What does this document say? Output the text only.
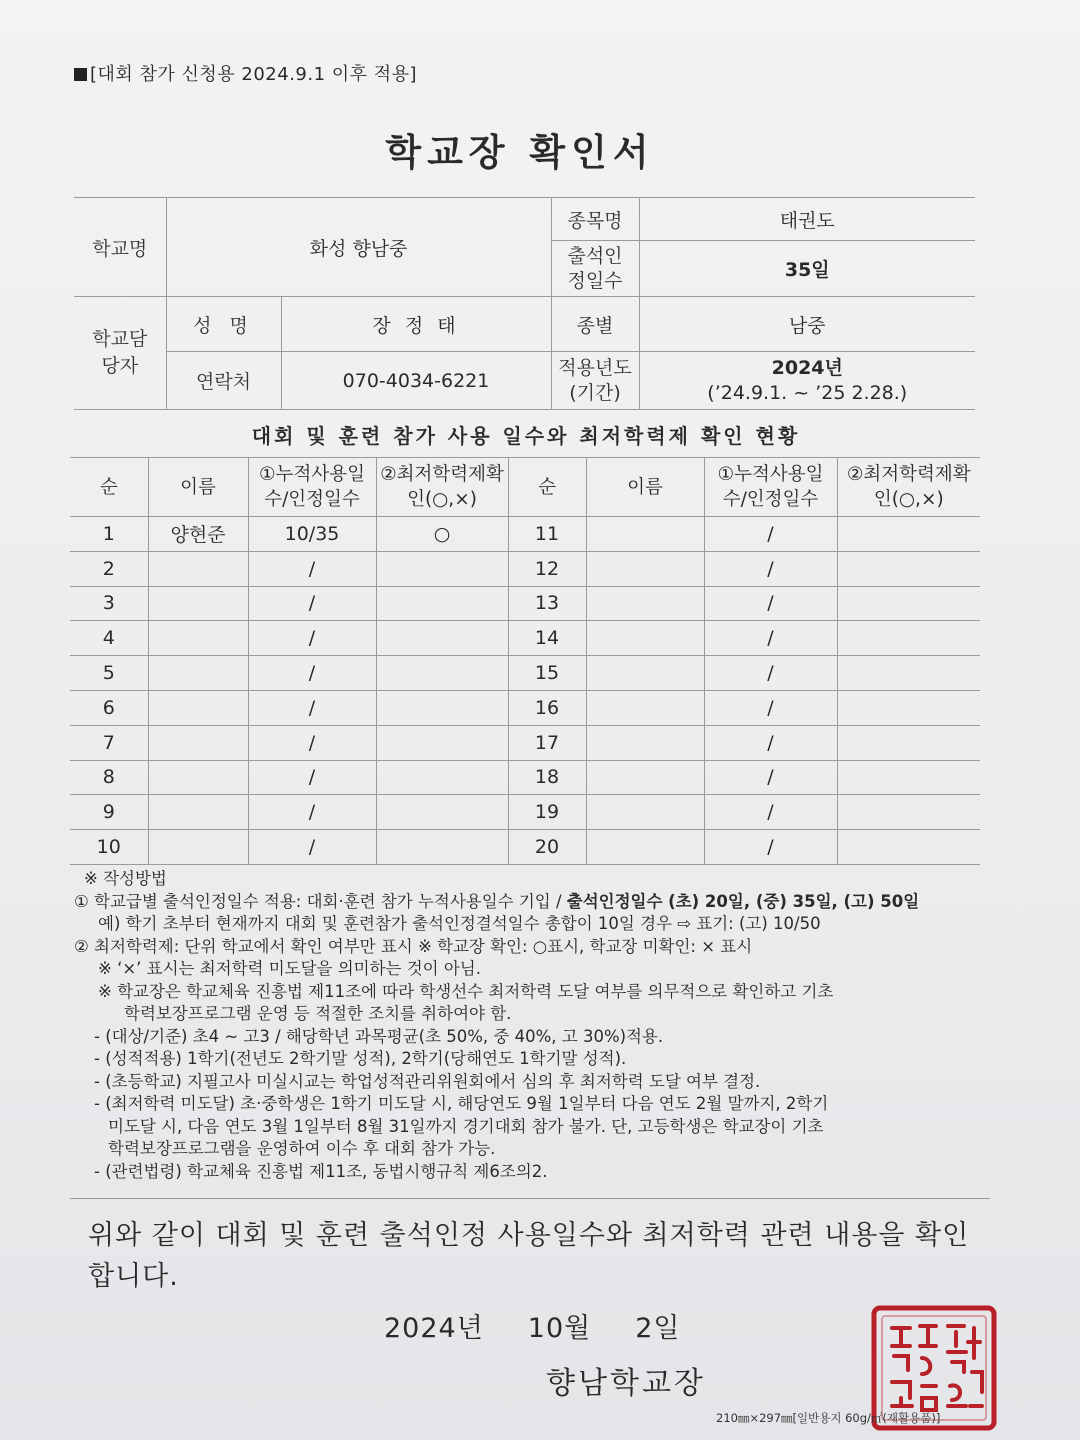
[대회 참가 신청용 2024.9.1 이후 적용]
학교장 확인서
학교명	화성 향남중		종목명	태권도

			출석인정일수	35일

학교담당자	성 명	장 정 태	종별	남중
	연락처	070-4034-6221	적용년도(기간)	2024년
(’24.9.1. ~ ’25 2.28.)
대회 및 훈련 참가 사용 일수와 최저학력제 확인 현황
순	이름	①누적사용일수/인정일수	②최저학력제확인(○,×)	순	이름	①누적사용일수/인정일수	②최저학력제확인(○,×)

1	양현준	10/35	○	11		/	
2		/		12		/	
3		/		13		/	
4		/		14		/	
5		/		15		/	
6		/		16		/	
7		/		17		/	
8		/		18		/	
9		/		19		/	
10		/		20		/	
※ 작성방법
① 학교급별 출석인정일수 적용: 대회·훈련 참가 누적사용일수 기입 / 출석인정일수 (초) 20일, (중) 35일, (고) 50일
예) 학기 초부터 현재까지 대회 및 훈련참가 출석인정결석일수 총합이 10일 경우 ⇨ 표기: (고) 10/50
② 최저학력제: 단위 학교에서 확인 여부만 표시 ※ 학교장 확인: ○표시, 학교장 미확인: × 표시
※ ‘×’ 표시는 최저학력 미도달을 의미하는 것이 아님.
※ 학교장은 학교체육 진흥법 제11조에 따라 학생선수 최저학력 도달 여부를 의무적으로 확인하고 기초
학력보장프로그램 운영 등 적절한 조치를 취하여야 함.
- (대상/기준) 초4 ~ 고3 / 해당학년 과목평균(초 50%, 중 40%, 고 30%)적용.
- (성적적용) 1학기(전년도 2학기말 성적), 2학기(당해연도 1학기말 성적).
- (초등학교) 지필고사 미실시교는 학업성적관리위원회에서 심의 후 최저학력 도달 여부 결정.
- (최저학력 미도달) 초·중학생은 1학기 미도달 시, 해당연도 9월 1일부터 다음 연도 2월 말까지, 2학기
미도달 시, 다음 연도 3월 1일부터 8월 31일까지 경기대회 참가 불가. 단, 고등학생은 학교장이 기초
학력보장프로그램을 운영하여 이수 후 대회 참가 가능.
- (관련법령) 학교체육 진흥법 제11조, 동법시행규칙 제6조의2.
위와 같이 대회 및 훈련 출석인정 사용일수와 최저학력 관련 내용을 확인합니다.
2024년 10월 2일
향남학교장
210㎜×297㎜[일반용지 60g/㎡(재활용품)]
